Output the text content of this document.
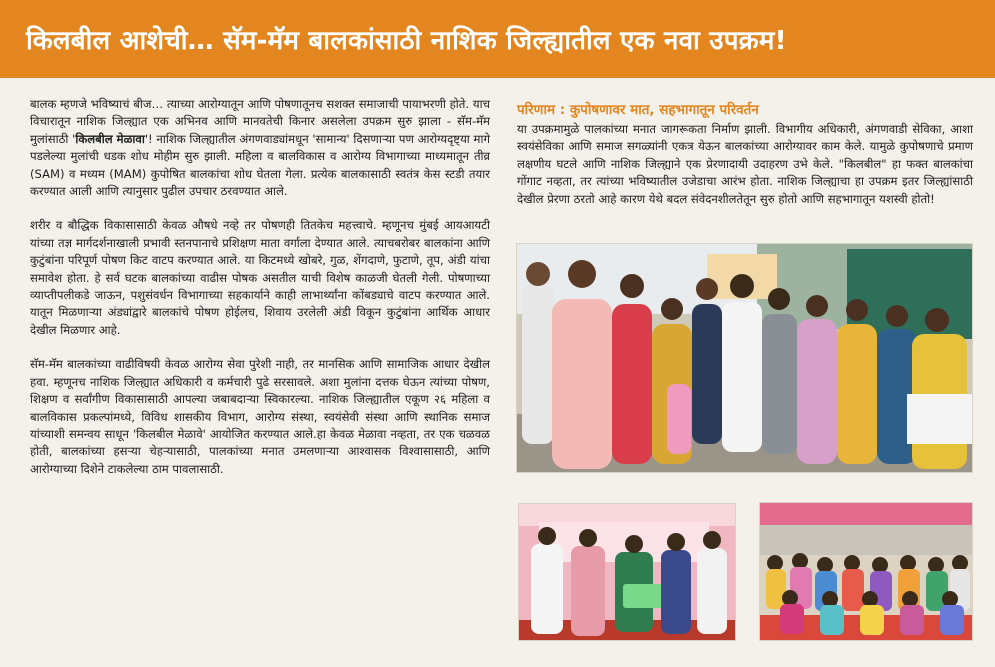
किलबील आशेची… सॅम-मॅम बालकांसाठी नाशिक जिल्ह्यातील एक नवा उपक्रम!

बालक म्हणजे भविष्याचं बीज… त्याच्या आरोग्यातून आणि पोषणातूनच सशक्त समाजाची पायाभरणी होते. याच विचारातून नाशिक जिल्ह्यात एक अभिनव आणि मानवतेची किनार असलेला उपक्रम सुरु झाला - सॅम-मॅम मुलांसाठी 'किलबील मेळावा'! नाशिक जिल्ह्यातील अंगणवाड्यांमधून 'सामान्य' दिसणाऱ्या पण आरोग्यदृष्ट्या मागे पडलेल्या मुलांची धडक शोध मोहीम सुरु झाली. महिला व बालविकास व आरोग्य विभागाच्या माध्यमातून तीव्र (SAM) व मध्यम (MAM) कुपोषित बालकांचा शोध घेतला गेला. प्रत्येक बालकासाठी स्वतंत्र केस स्टडी तयार करण्यात आली आणि त्यानुसार पुढील उपचार ठरवण्यात आले.

शरीर व बौद्धिक विकासासाठी केवळ औषधे नव्हे तर पोषणही तितकेच महत्त्वाचे. म्हणूनच मुंबई आयआयटी यांच्या तज्ञ मार्गदर्शनाखाली प्रभावी स्तनपानाचे प्रशिक्षण माता वर्गाला देण्यात आले. त्याचबरोबर बालकांना आणि कुटुंबांना परिपूर्ण पोषण किट वाटप करण्यात आले. या किटमध्ये खोबरे, गुळ, शेंगदाणे, फुटाणे, तूप, अंडी यांचा समावेश होता. हे सर्व घटक बालकांच्या वाढीस पोषक असतील याची विशेष काळजी घेतली गेली. पोषणाच्या व्याप्तीपलीकडे जाऊन, पशुसंवर्धन विभागाच्या सहकार्याने काही लाभार्थ्यांना कोंबड्याचे वाटप करण्यात आले. यातून मिळणाऱ्या अंड्यांद्वारे बालकांचे पोषण होईलच, शिवाय उरलेली अंडी विकून कुटुंबांना आर्थिक आधार देखील मिळणार आहे.

सॅम-मॅम बालकांच्या वाढीविषयी केवळ आरोग्य सेवा पुरेशी नाही, तर मानसिक आणि सामाजिक आधार देखील हवा. म्हणूनच नाशिक जिल्ह्यात अधिकारी व कर्मचारी पुढे सरसावले. अशा मुलांना दत्तक घेऊन त्यांच्या पोषण, शिक्षण व सर्वांगीण विकासासाठी आपल्या जबाबदाऱ्या स्विकारल्या. नाशिक जिल्ह्यातील एकूण २६ महिला व बालविकास प्रकल्पांमध्ये, विविध शासकीय विभाग, आरोग्य संस्था, स्वयंसेवी संस्था आणि स्थानिक समाज यांच्याशी समन्वय साधून 'किलबील मेळावे' आयोजित करण्यात आले.हा केवळ मेळावा नव्हता, तर एक चळवळ होती, बालकांच्या हसऱ्या चेहऱ्यासाठी, पालकांच्या मनात उमलणाऱ्या आश्वासक विश्वासासाठी, आणि आरोग्याच्या दिशेने टाकलेल्या ठाम पावलासाठी.

परिणाम : कुपोषणावर मात, सहभागातून परिवर्तन
या उपक्रमामुळे पालकांच्या मनात जागरूकता निर्माण झाली. विभागीय अधिकारी, अंगणवाडी सेविका, आशा स्वयंसेविका आणि समाज सगळ्यांनी एकत्र येऊन बालकांच्या आरोग्यावर काम केले. यामुळे कुपोषणाचे प्रमाण लक्षणीय घटले आणि नाशिक जिल्ह्याने एक प्रेरणादायी उदाहरण उभे केले. "किलबील" हा फक्त बालकांचा गोंगाट नव्हता, तर त्यांच्या भविष्यातील उजेडाचा आरंभ होता. नाशिक जिल्ह्याचा हा उपक्रम इतर जिल्ह्यांसाठी देखील प्रेरणा ठरतो आहे कारण येथे बदल संवेदनशीलतेतून सुरु होतो आणि सहभागातून यशस्वी होतो!
